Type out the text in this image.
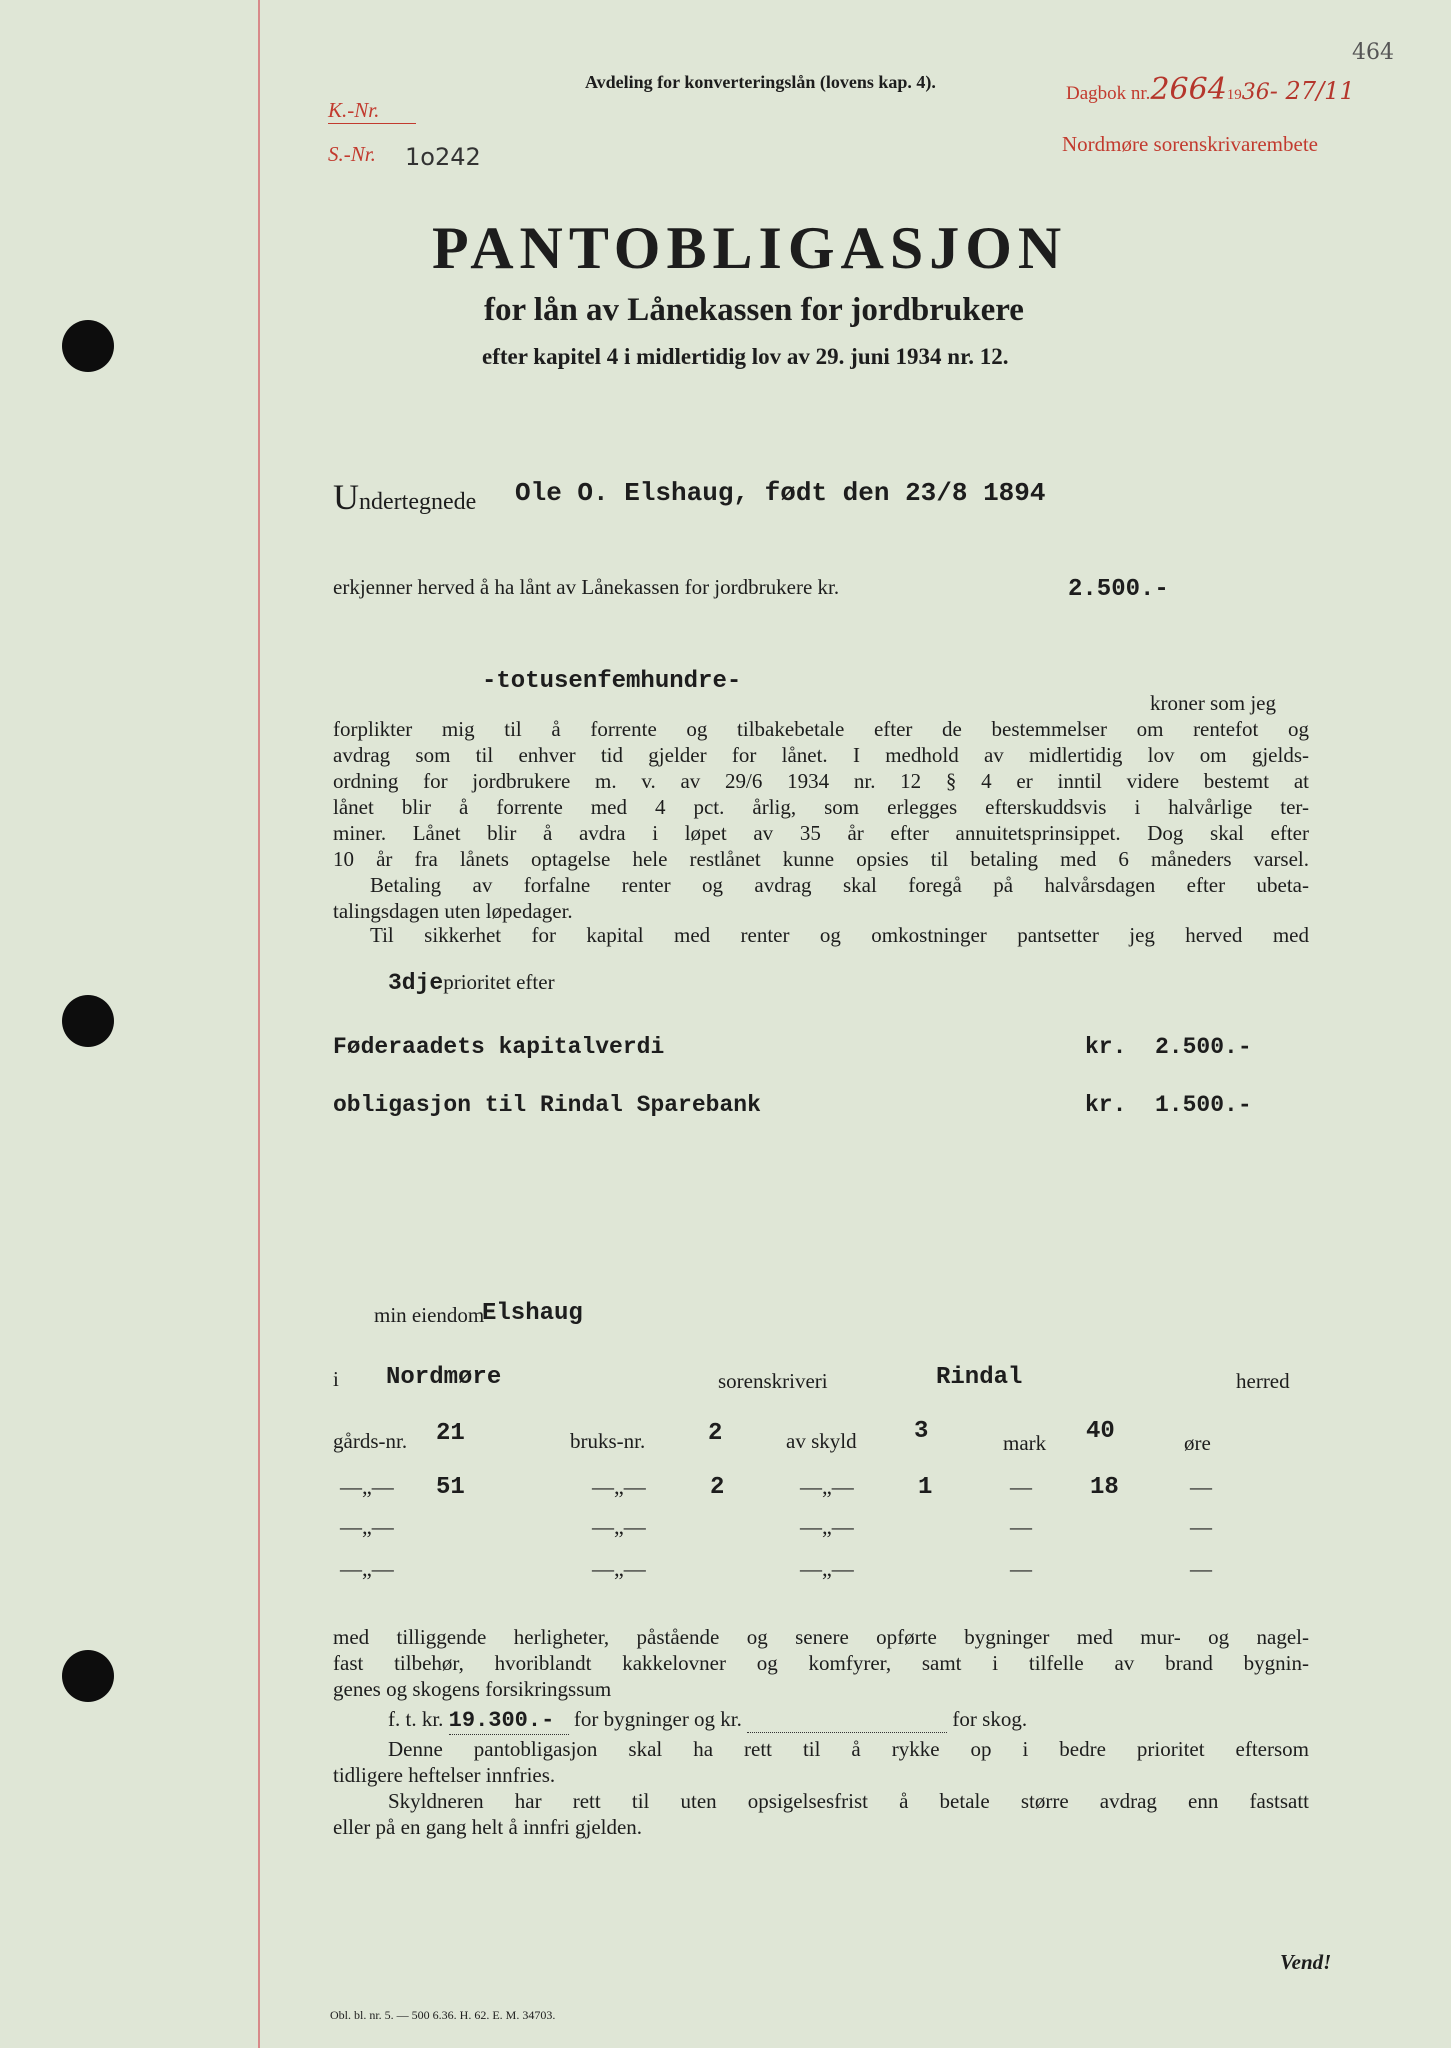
464
Avdeling for konverteringslån (lovens kap. 4).
Dagbok nr.26641936- 27/11
Nordmøre sorenskrivarembete
K.-Nr.
S.-Nr. 1o242
PANTOBLIGASJON
for lån av Lånekassen for jordbrukere
efter kapitel 4 i midlertidig lov av 29. juni 1934 nr. 12.
Undertegnede Ole O. Elshaug, født den 23/8 1894
erkjenner herved å ha lånt av Lånekassen for jordbrukere kr.	2.500.-
-totusenfemhundre-
kroner som jeg
forplikter mig til å forrente og tilbakebetale efter de bestemmelser om rentefot og
avdrag som til enhver tid gjelder for lånet. I medhold av midlertidig lov om gjelds-
ordning for jordbrukere m. v. av 29/6 1934 nr. 12 § 4 er inntil videre bestemt at
lånet blir å forrente med 4 pct. årlig, som erlegges efterskuddsvis i halvårlige ter-
miner. Lånet blir å avdra i løpet av 35 år efter annuitetsprinsippet. Dog skal efter
10 år fra lånets optagelse hele restlånet kunne opsies til betaling med 6 måneders varsel.
Betaling av forfalne renter og avdrag skal foregå på halvårsdagen efter ubeta-
talingsdagen uten løpedager.
Til sikkerhet for kapital med renter og omkostninger pantsetter jeg herved med
3djeprioritet efter
Føderaadets kapitalverdi	kr. 2.500.-
obligasjon til Rindal Sparebank	kr. 1.500.-
min eiendom
Elshaug
i Nordmøre	sorenskriveri	Rindal	herred
gårds-nr. 21	bruks-nr.	2	av skyld 3	mark 40	øre
—„— 51	—„—	2	—„—	1	— 18	—
—„—	—„—	—„—	—	—
—„—	—„—	—„—	—	—
med tilliggende herligheter, påstående og senere opførte bygninger med mur- og nagel-
fast tilbehør, hvoriblandt kakkelovner og komfyrer, samt i tilfelle av brand bygnin-
genes og skogens forsikringssum
f. t. kr. 19.300.- for bygninger og kr.	for skog.
Denne pantobligasjon skal ha rett til å rykke op i bedre prioritet eftersom
tidligere heftelser innfries.
Skyldneren har rett til uten opsigelsesfrist å betale større avdrag enn fastsatt
eller på en gang helt å innfri gjelden.
Vend!
Obl. bl. nr. 5. — 500 6.36. H. 62. E. M. 34703.
